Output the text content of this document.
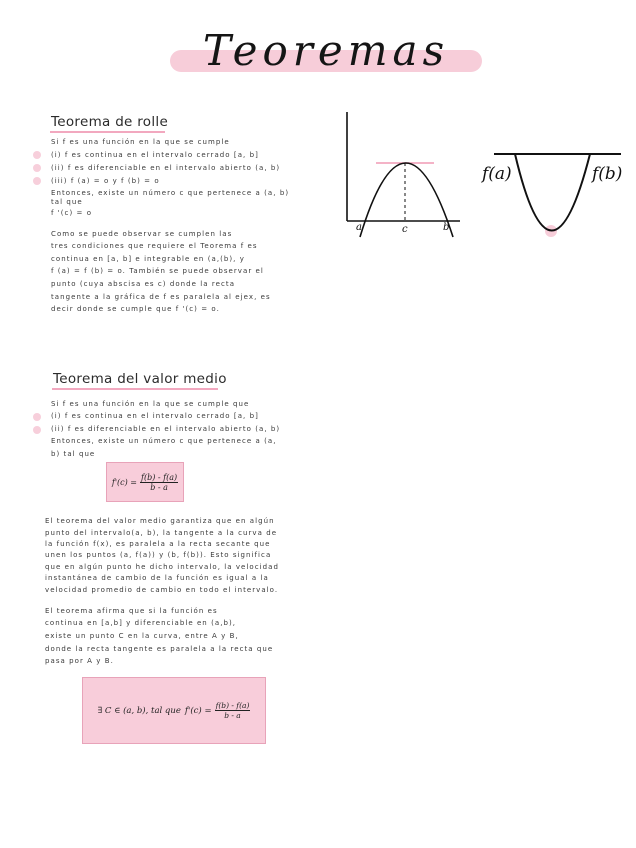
Teoremas
Teorema de rolle
Si f es una función en la que se cumple
(i) f es continua en el intervalo cerrado [a, b]
(ii) f es diferenciable en el intervalo abierto (a, b)
(iii) f (a) = o y f (b) = o
Entonces, existe un número c que pertenece a (a, b)
tal que
f '(c) = o
Como se puede observar se cumplen las
tres condiciones que requiere el Teorema f es
continua en [a, b] e integrable en (a,(b), y
f (a) = f (b) = o. También se puede observar el
punto (cuya abscisa es c) donde la recta
tangente a la gráfica de f es paralela al ejex, es
decir donde se cumple que f '(c) = o.
a	c	b
f(a)	f(b)
Teorema del valor medio
Si f es una función en la que se cumple que
(i) f es continua en el intervalo cerrado [a, b]
(ii) f es diferenciable en el intervalo abierto (a, b)
Entonces, existe un número c que pertenece a (a,
b) tal que
$f'(c) = \frac{f(b) - f(a)}{b - a}$
El teorema del valor medio garantiza que en algún
punto del intervalo(a, b), la tangente a la curva de
la función f(x), es paralela a la recta secante que
unen los puntos (a, f(a)) y (b, f(b)). Esto significa
que en algún punto he dicho intervalo, la velocidad
instantánea de cambio de la función es igual a la
velocidad promedio de cambio en todo el intervalo.
El teorema afirma que si la función es
continua en [a,b] y diferenciable en (a,b),
existe un punto C en la curva, entre A y B,
donde la recta tangente es paralela a la recta que
pasa por A y B.
∃ C ∈ (a, b), tal que $f'(c) = \frac{f(b) - f(a)}{b - a}$
